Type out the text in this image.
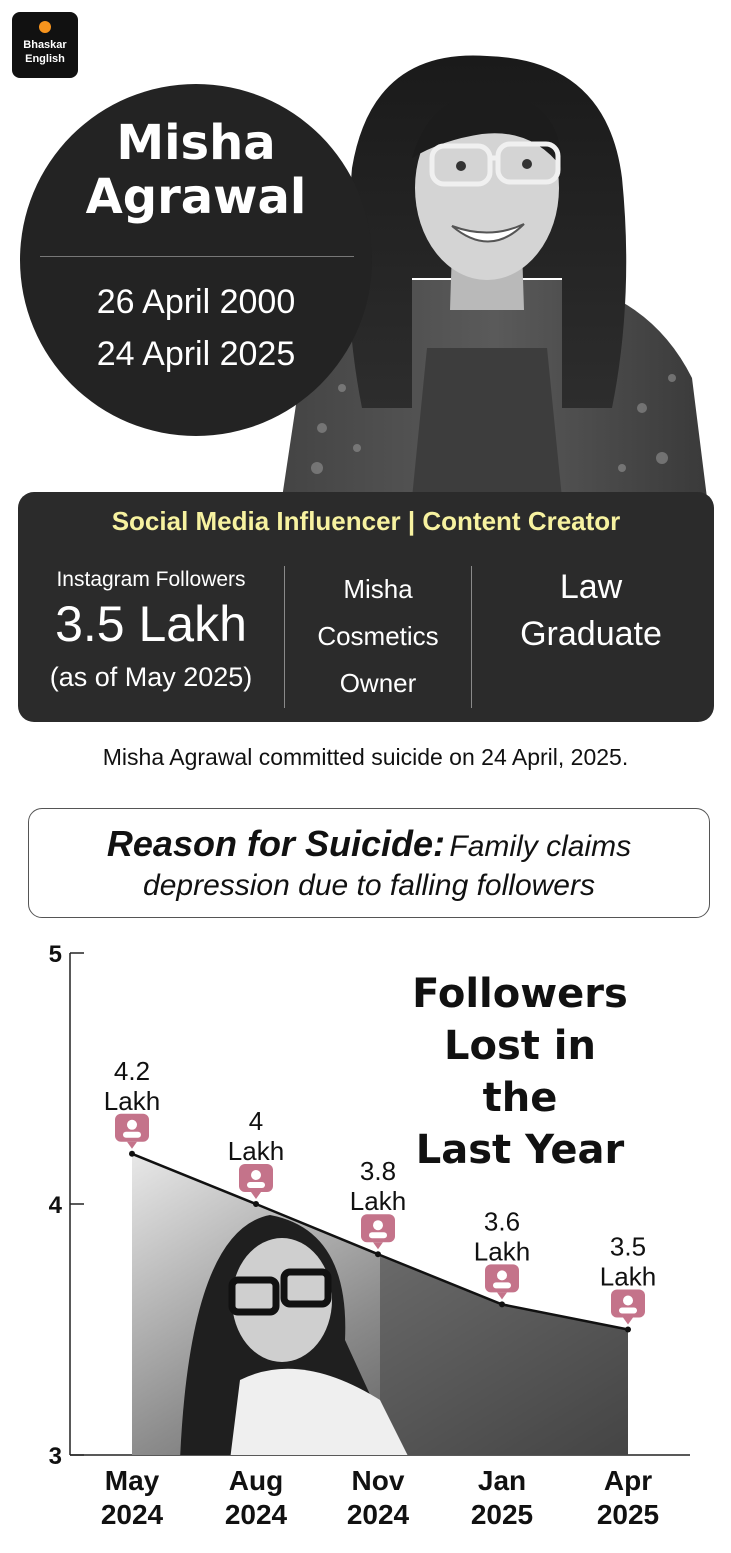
Bhaskar
English
Misha
Agrawal
26 April 2000
24 April 2025
Social Media Influencer | Content Creator
Instagram Followers
3.5 Lakh
(as of May 2025)
Misha
Cosmetics
Owner
Law
Graduate
Misha Agrawal committed suicide on 24 April, 2025.
Reason for Suicide: Family claims
depression due to falling followers
3
4
5
4.2
Lakh
May
2024
4
Lakh
Aug
2024
3.8
Lakh
Nov
2024
3.6
Lakh
Jan
2025
3.5
Lakh
Apr
2025
Followers
Lost in the
Last Year
